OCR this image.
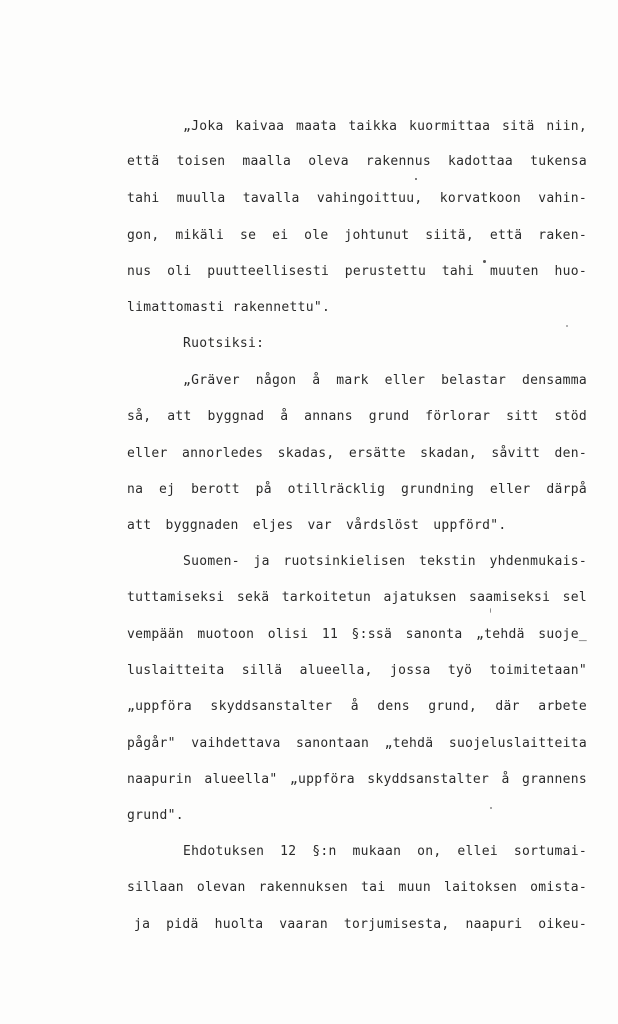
„Joka kaivaa maata taikka kuormittaa sitä niin,
että toisen maalla oleva rakennus kadottaa tukensa
tahi muulla tavalla vahingoittuu, korvatkoon vahin-
gon, mikäli se ei ole johtunut siitä, että raken-
nus oli puutteellisesti perustettu tahi muuten huo-
limattomasti rakennettu".
Ruotsiksi:
„Gräver någon å mark eller belastar densamma
så, att byggnad å annans grund förlorar sitt stöd
eller annorledes skadas, ersätte skadan, såvitt den-
na ej berott på otillräcklig grundning eller därpå
att byggnaden eljes var vårdslöst uppförd".
Suomen- ja ruotsinkielisen tekstin yhdenmukais-
tuttamiseksi sekä tarkoitetun ajatuksen saamiseksi sel
vempään muotoon olisi 11 §:ssä sanonta „tehdä suoje_
luslaitteita sillä alueella, jossa työ toimitetaan"
„uppföra skyddsanstalter å dens grund, där arbete
pågår" vaihdettava sanontaan „tehdä suojeluslaitteita
naapurin alueella" „uppföra skyddsanstalter å grannens
grund".
Ehdotuksen 12 §:n mukaan on, ellei sortumai-
sillaan olevan rakennuksen tai muun laitoksen omista-
ja pidä huolta vaaran torjumisesta, naapuri oikeu-
